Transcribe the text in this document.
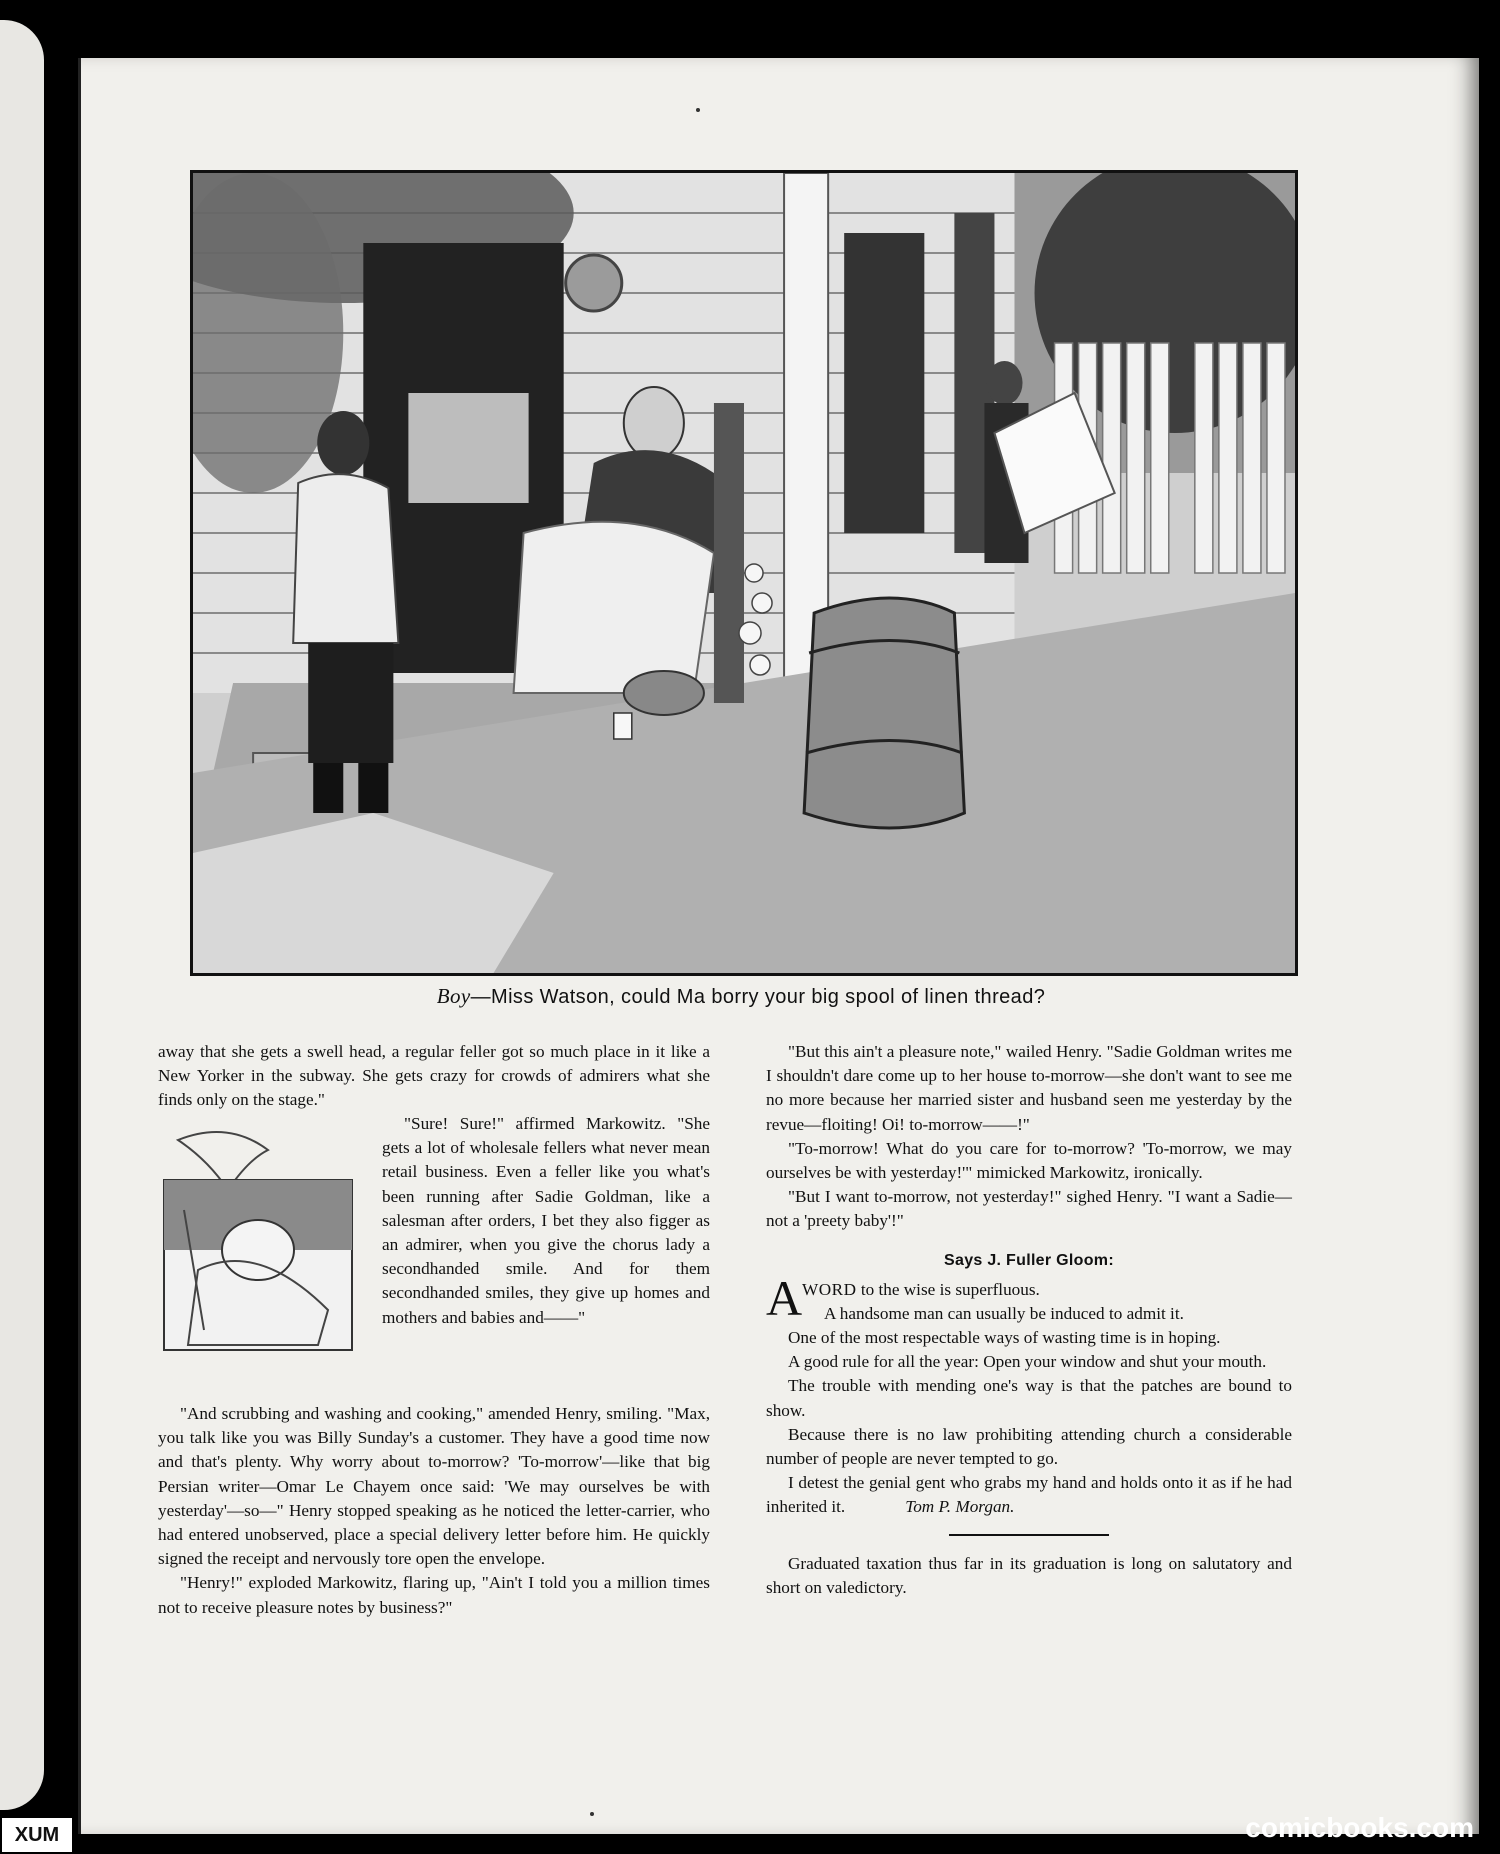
Boy—Miss Watson, could Ma borry your big spool of linen thread?

away that she gets a swell head, a regular feller got so much place in it like a New Yorker in the subway. She gets crazy for crowds of admirers what she finds only on the stage."

"Sure! Sure!" affirmed Markowitz. "She gets a lot of wholesale fellers what never mean retail business. Even a feller like you what's been running after Sadie Goldman, like a salesman after orders, I bet they also figger as an admirer, when you give the chorus lady a secondhanded smile. And for them secondhanded smiles, they give up homes and mothers and babies and——"

"And scrubbing and washing and cooking," amended Henry, smiling. "Max, you talk like you was Billy Sunday's a customer. They have a good time now and that's plenty. Why worry about to-morrow? 'To-morrow'—like that big Persian writer—Omar Le Chayem once said: 'We may ourselves be with yesterday'—so—" Henry stopped speaking as he noticed the letter-carrier, who had entered unobserved, place a special delivery letter before him. He quickly signed the receipt and nervously tore open the envelope.

"Henry!" exploded Markowitz, flaring up, "Ain't I told you a million times not to receive pleasure notes by business?"

"But this ain't a pleasure note," wailed Henry. "Sadie Goldman writes me I shouldn't dare come up to her house to-morrow—she don't want to see me no more because her married sister and husband seen me yesterday by the revue—floiting! Oi! to-morrow——!"

"To-morrow! What do you care for to-morrow? 'To-morrow, we may ourselves be with yesterday!'" mimicked Markowitz, ironically.

"But I want to-morrow, not yesterday!" sighed Henry. "I want a Sadie—not a 'preety baby'!"

Says J. Fuller Gloom:
A WORD to the wise is superfluous.

A handsome man can usually be induced to admit it.

One of the most respectable ways of wasting time is in hoping.

A good rule for all the year: Open your window and shut your mouth.

The trouble with mending one's way is that the patches are bound to show.

Because there is no law prohibiting attending church a considerable number of people are never tempted to go.

I detest the genial gent who grabs my hand and holds onto it as if he had inherited it.	Tom P. Morgan.

Graduated taxation thus far in its graduation is long on salutatory and short on valedictory.

comicbooks.com
XUM
